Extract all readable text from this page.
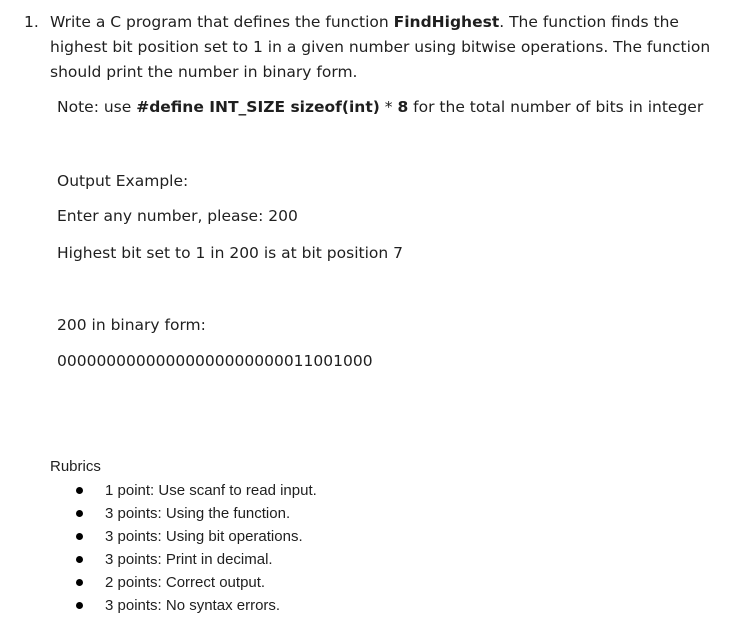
1. Write a C program that defines the function FindHighest. The function finds the highest bit position set to 1 in a given number using bitwise operations. The function should print the number in binary form.
Note: use #define INT_SIZE sizeof(int) * 8 for the total number of bits in integer
Output Example:
Enter any number, please: 200
Highest bit set to 1 in 200 is at bit position 7
200 in binary form:
00000000000000000000000011001000
Rubrics
1 point: Use scanf to read input.
3 points: Using the function.
3 points: Using bit operations.
3 points: Print in decimal.
2 points: Correct output.
3 points: No syntax errors.
